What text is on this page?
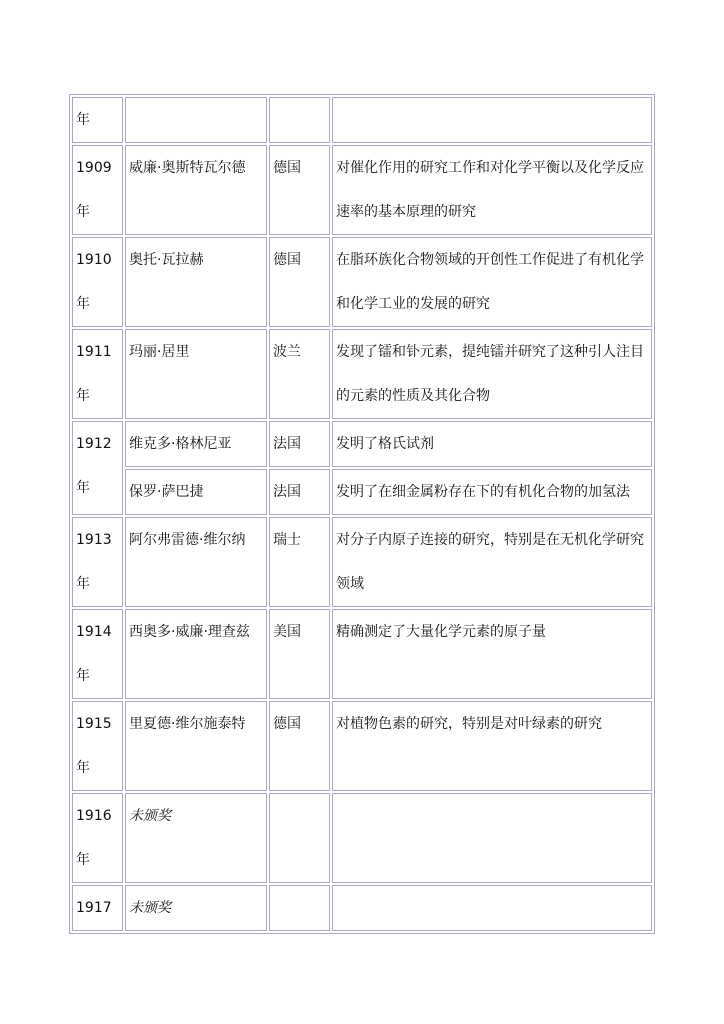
年			
1909年	威廉·奥斯特瓦尔德	德国	对催化作用的研究工作和对化学平衡以及化学反应速率的基本原理的研究
1910年	奥托·瓦拉赫	德国	在脂环族化合物领域的开创性工作促进了有机化学和化学工业的发展的研究
1911年	玛丽·居里	波兰	发现了镭和钋元素，提纯镭并研究了这种引人注目的元素的性质及其化合物
1912年	维克多·格林尼亚	法国	发明了格氏试剂
	保罗·萨巴捷	法国	发明了在细金属粉存在下的有机化合物的加氢法
1913年	阿尔弗雷德·维尔纳	瑞士	对分子内原子连接的研究，特别是在无机化学研究领域
1914年	西奥多·威廉·理查兹	美国	精确测定了大量化学元素的原子量
1915年	里夏德·维尔施泰特	德国	对植物色素的研究，特别是对叶绿素的研究
1916年	未颁奖		
1917	未颁奖		
